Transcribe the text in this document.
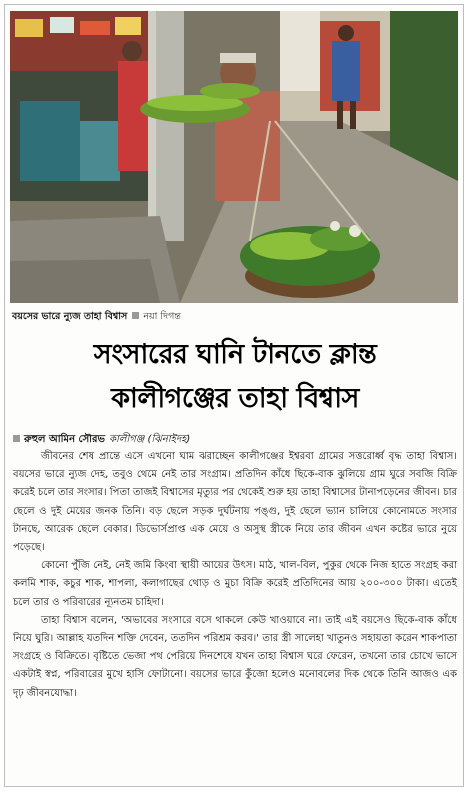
বয়সের ভারে ন্যুজ তাহা বিশ্বাস নয়া দিগন্ত
সংসারের ঘানি টানতে ক্লান্ত
কালীগঞ্জের তাহা বিশ্বাস
রুহুল আমিন সৌরভ কালীগঞ্জ (ঝিনাইদহ)

জীবনের শেষ প্রান্তে এসে এখনো ঘাম ঝরাচ্ছেন কালীগঞ্জের ইশ্বরবা গ্রামের সত্তরোর্ধ্ব বৃদ্ধ তাহা বিশ্বাস। বয়সের ভারে ন্যুজ দেহ, তবুও থেমে নেই তার সংগ্রাম। প্রতিদিন কাঁধে ছিকে-বাক ঝুলিয়ে গ্রাম ঘুরে সবজি বিক্রি করেই চলে তার সংসার। পিতা তাজই বিশ্বাসের মৃত্যুর পর থেকেই শুরু হয় তাহা বিশ্বাসের টানাপড়েনের জীবন। চার ছেলে ও দুই মেয়ের জনক তিনি। বড় ছেলে সড়ক দুর্ঘটনায় পঙ্গু, দুই ছেলে ভ্যান চালিয়ে কোনোমতে সংসার টানছে, আরেক ছেলে বেকার। ডিভোর্সপ্রাপ্ত এক মেয়ে ও অসুস্থ স্ত্রীকে নিয়ে তার জীবন এখন কষ্টের ভারে নুয়ে পড়েছে।

কোনো পুঁজি নেই, নেই জমি কিংবা স্থায়ী আয়ের উৎস। মাঠ, খাল-বিল, পুকুর থেকে নিজ হাতে সংগ্রহ করা কলমি শাক, কচুর শাক, শাপলা, কলাগাছের থোড় ও মুচা বিক্রি করেই প্রতিদিনের আয় ২০০-৩০০ টাকা। এতেই চলে তার ও পরিবারের ন্যূনতম চাহিদা।

তাহা বিশ্বাস বলেন, 'অভাবের সংসারে বসে থাকলে কেউ খাওয়াবে না। তাই এই বয়সেও ছিকে-বাক কাঁধে নিয়ে ঘুরি। আল্লাহ যতদিন শক্তি দেবেন, ততদিন পরিশ্রম করব।' তার স্ত্রী সালেহা খাতুনও সহায়তা করেন শাকপাতা সংগ্রহে ও বিক্রিতে। বৃষ্টিতে ভেজা পথ পেরিয়ে দিনশেষে যখন তাহা বিশ্বাস ঘরে ফেরেন, তখনো তার চোখে ভাসে একটাই স্বপ্ন, পরিবারের মুখে হাসি ফোটানো। বয়সের ভারে কুঁজো হলেও মনোবলের দিক থেকে তিনি আজও এক দৃঢ় জীবনযোদ্ধা।
